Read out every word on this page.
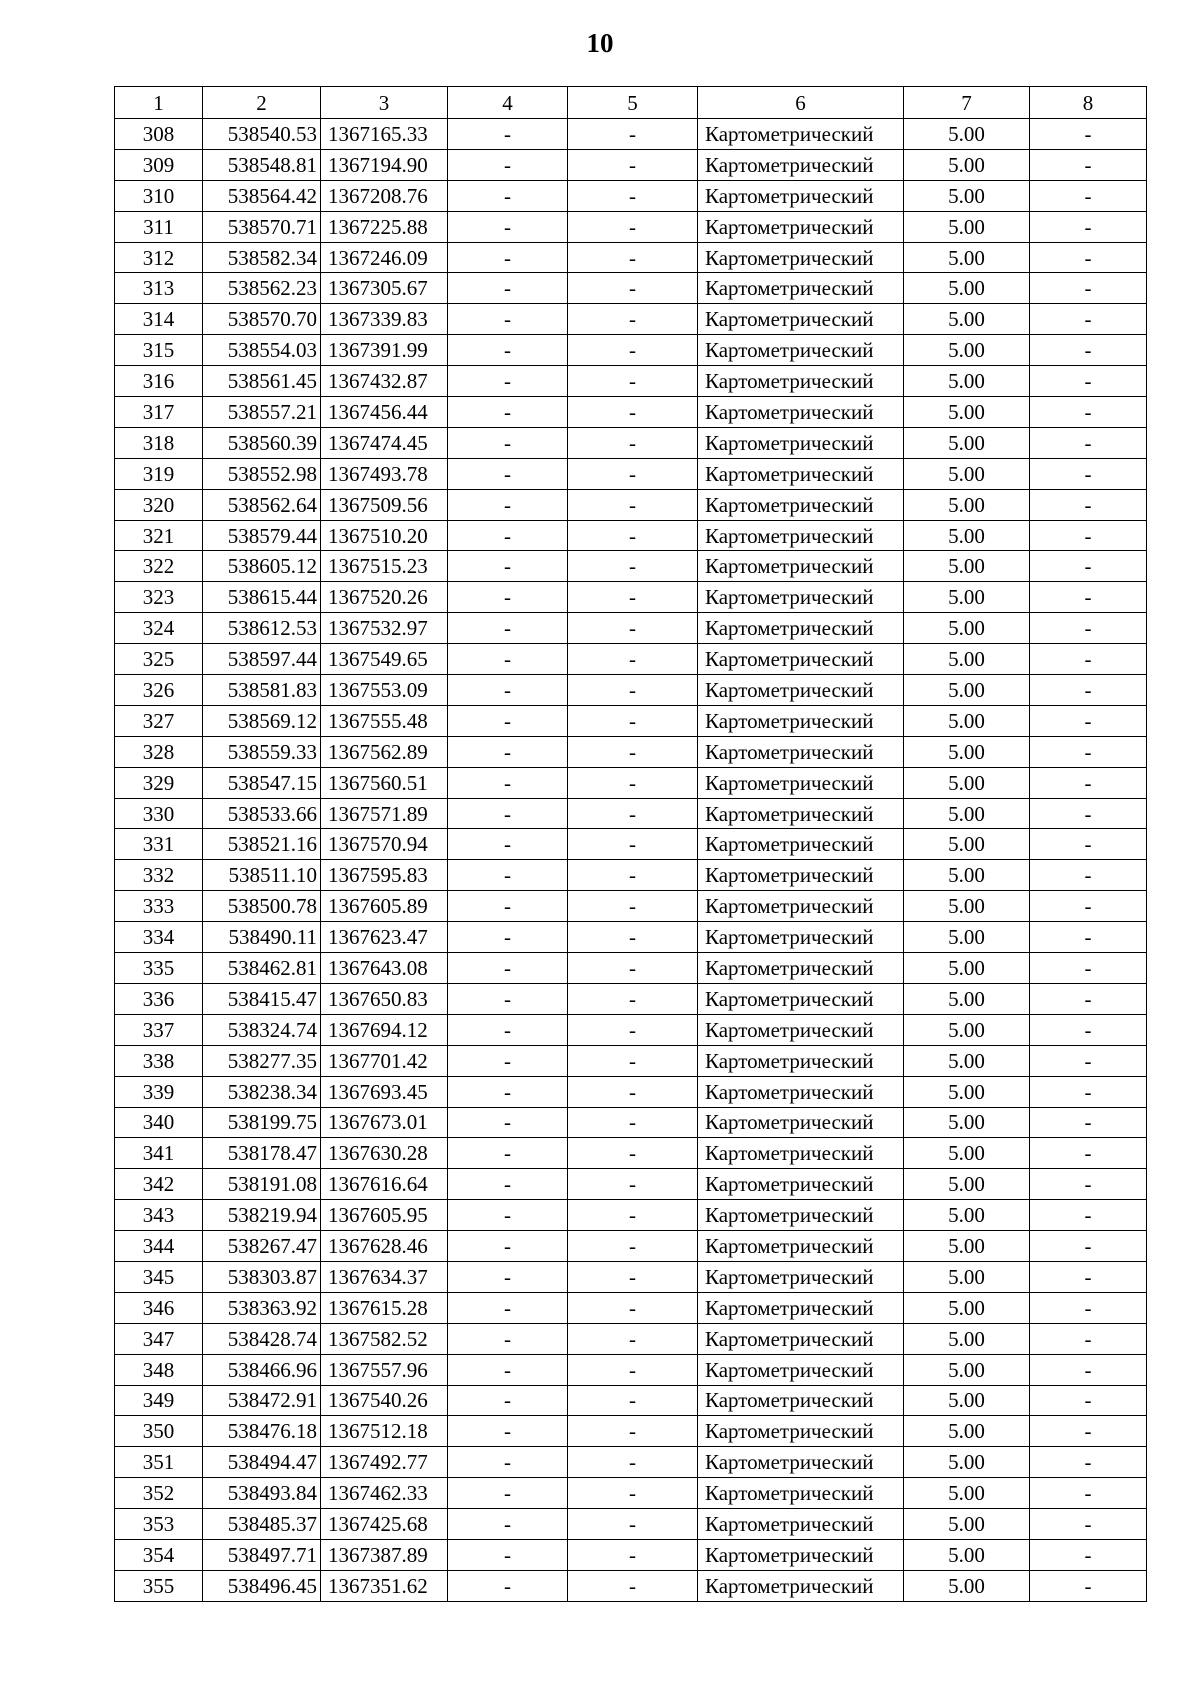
10
1	2	3	4	5	6	7	8
308	538540.53	1367165.33	-	-	Картометрический	5.00	-
309	538548.81	1367194.90	-	-	Картометрический	5.00	-
310	538564.42	1367208.76	-	-	Картометрический	5.00	-
311	538570.71	1367225.88	-	-	Картометрический	5.00	-
312	538582.34	1367246.09	-	-	Картометрический	5.00	-
313	538562.23	1367305.67	-	-	Картометрический	5.00	-
314	538570.70	1367339.83	-	-	Картометрический	5.00	-
315	538554.03	1367391.99	-	-	Картометрический	5.00	-
316	538561.45	1367432.87	-	-	Картометрический	5.00	-
317	538557.21	1367456.44	-	-	Картометрический	5.00	-
318	538560.39	1367474.45	-	-	Картометрический	5.00	-
319	538552.98	1367493.78	-	-	Картометрический	5.00	-
320	538562.64	1367509.56	-	-	Картометрический	5.00	-
321	538579.44	1367510.20	-	-	Картометрический	5.00	-
322	538605.12	1367515.23	-	-	Картометрический	5.00	-
323	538615.44	1367520.26	-	-	Картометрический	5.00	-
324	538612.53	1367532.97	-	-	Картометрический	5.00	-
325	538597.44	1367549.65	-	-	Картометрический	5.00	-
326	538581.83	1367553.09	-	-	Картометрический	5.00	-
327	538569.12	1367555.48	-	-	Картометрический	5.00	-
328	538559.33	1367562.89	-	-	Картометрический	5.00	-
329	538547.15	1367560.51	-	-	Картометрический	5.00	-
330	538533.66	1367571.89	-	-	Картометрический	5.00	-
331	538521.16	1367570.94	-	-	Картометрический	5.00	-
332	538511.10	1367595.83	-	-	Картометрический	5.00	-
333	538500.78	1367605.89	-	-	Картометрический	5.00	-
334	538490.11	1367623.47	-	-	Картометрический	5.00	-
335	538462.81	1367643.08	-	-	Картометрический	5.00	-
336	538415.47	1367650.83	-	-	Картометрический	5.00	-
337	538324.74	1367694.12	-	-	Картометрический	5.00	-
338	538277.35	1367701.42	-	-	Картометрический	5.00	-
339	538238.34	1367693.45	-	-	Картометрический	5.00	-
340	538199.75	1367673.01	-	-	Картометрический	5.00	-
341	538178.47	1367630.28	-	-	Картометрический	5.00	-
342	538191.08	1367616.64	-	-	Картометрический	5.00	-
343	538219.94	1367605.95	-	-	Картометрический	5.00	-
344	538267.47	1367628.46	-	-	Картометрический	5.00	-
345	538303.87	1367634.37	-	-	Картометрический	5.00	-
346	538363.92	1367615.28	-	-	Картометрический	5.00	-
347	538428.74	1367582.52	-	-	Картометрический	5.00	-
348	538466.96	1367557.96	-	-	Картометрический	5.00	-
349	538472.91	1367540.26	-	-	Картометрический	5.00	-
350	538476.18	1367512.18	-	-	Картометрический	5.00	-
351	538494.47	1367492.77	-	-	Картометрический	5.00	-
352	538493.84	1367462.33	-	-	Картометрический	5.00	-
353	538485.37	1367425.68	-	-	Картометрический	5.00	-
354	538497.71	1367387.89	-	-	Картометрический	5.00	-
355	538496.45	1367351.62	-	-	Картометрический	5.00	-
